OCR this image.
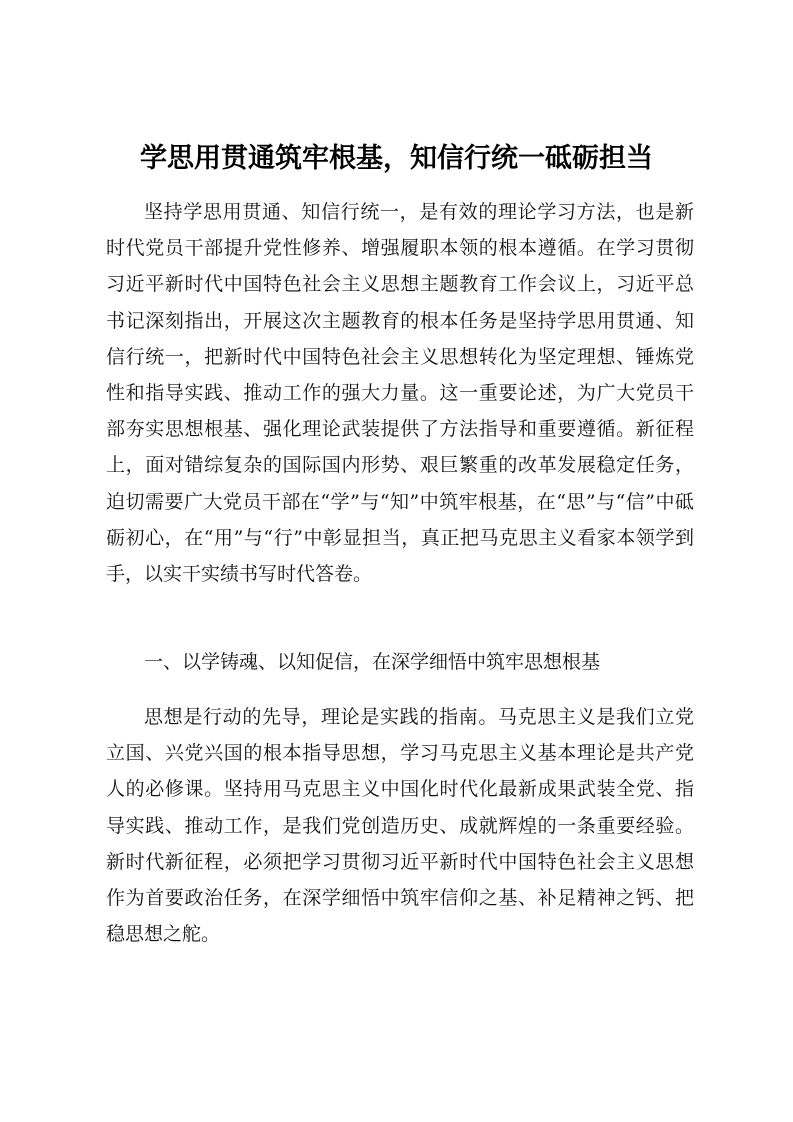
学思用贯通筑牢根基，知信行统一砥砺担当

坚持学思用贯通、知信行统一，是有效的理论学习方法，也是新时代党员干部提升党性修养、增强履职本领的根本遵循。在学习贯彻习近平新时代中国特色社会主义思想主题教育工作会议上，习近平总书记深刻指出，开展这次主题教育的根本任务是坚持学思用贯通、知信行统一，把新时代中国特色社会主义思想转化为坚定理想、锤炼党性和指导实践、推动工作的强大力量。这一重要论述，为广大党员干部夯实思想根基、强化理论武装提供了方法指导和重要遵循。新征程上，面对错综复杂的国际国内形势、艰巨繁重的改革发展稳定任务，迫切需要广大党员干部在“学”与“知”中筑牢根基，在“思”与“信”中砥砺初心，在“用”与“行”中彰显担当，真正把马克思主义看家本领学到手，以实干实绩书写时代答卷。

一、以学铸魂、以知促信，在深学细悟中筑牢思想根基

思想是行动的先导，理论是实践的指南。马克思主义是我们立党立国、兴党兴国的根本指导思想，学习马克思主义基本理论是共产党人的必修课。坚持用马克思主义中国化时代化最新成果武装全党、指导实践、推动工作，是我们党创造历史、成就辉煌的一条重要经验。新时代新征程，必须把学习贯彻习近平新时代中国特色社会主义思想作为首要政治任务，在深学细悟中筑牢信仰之基、补足精神之钙、把稳思想之舵。
